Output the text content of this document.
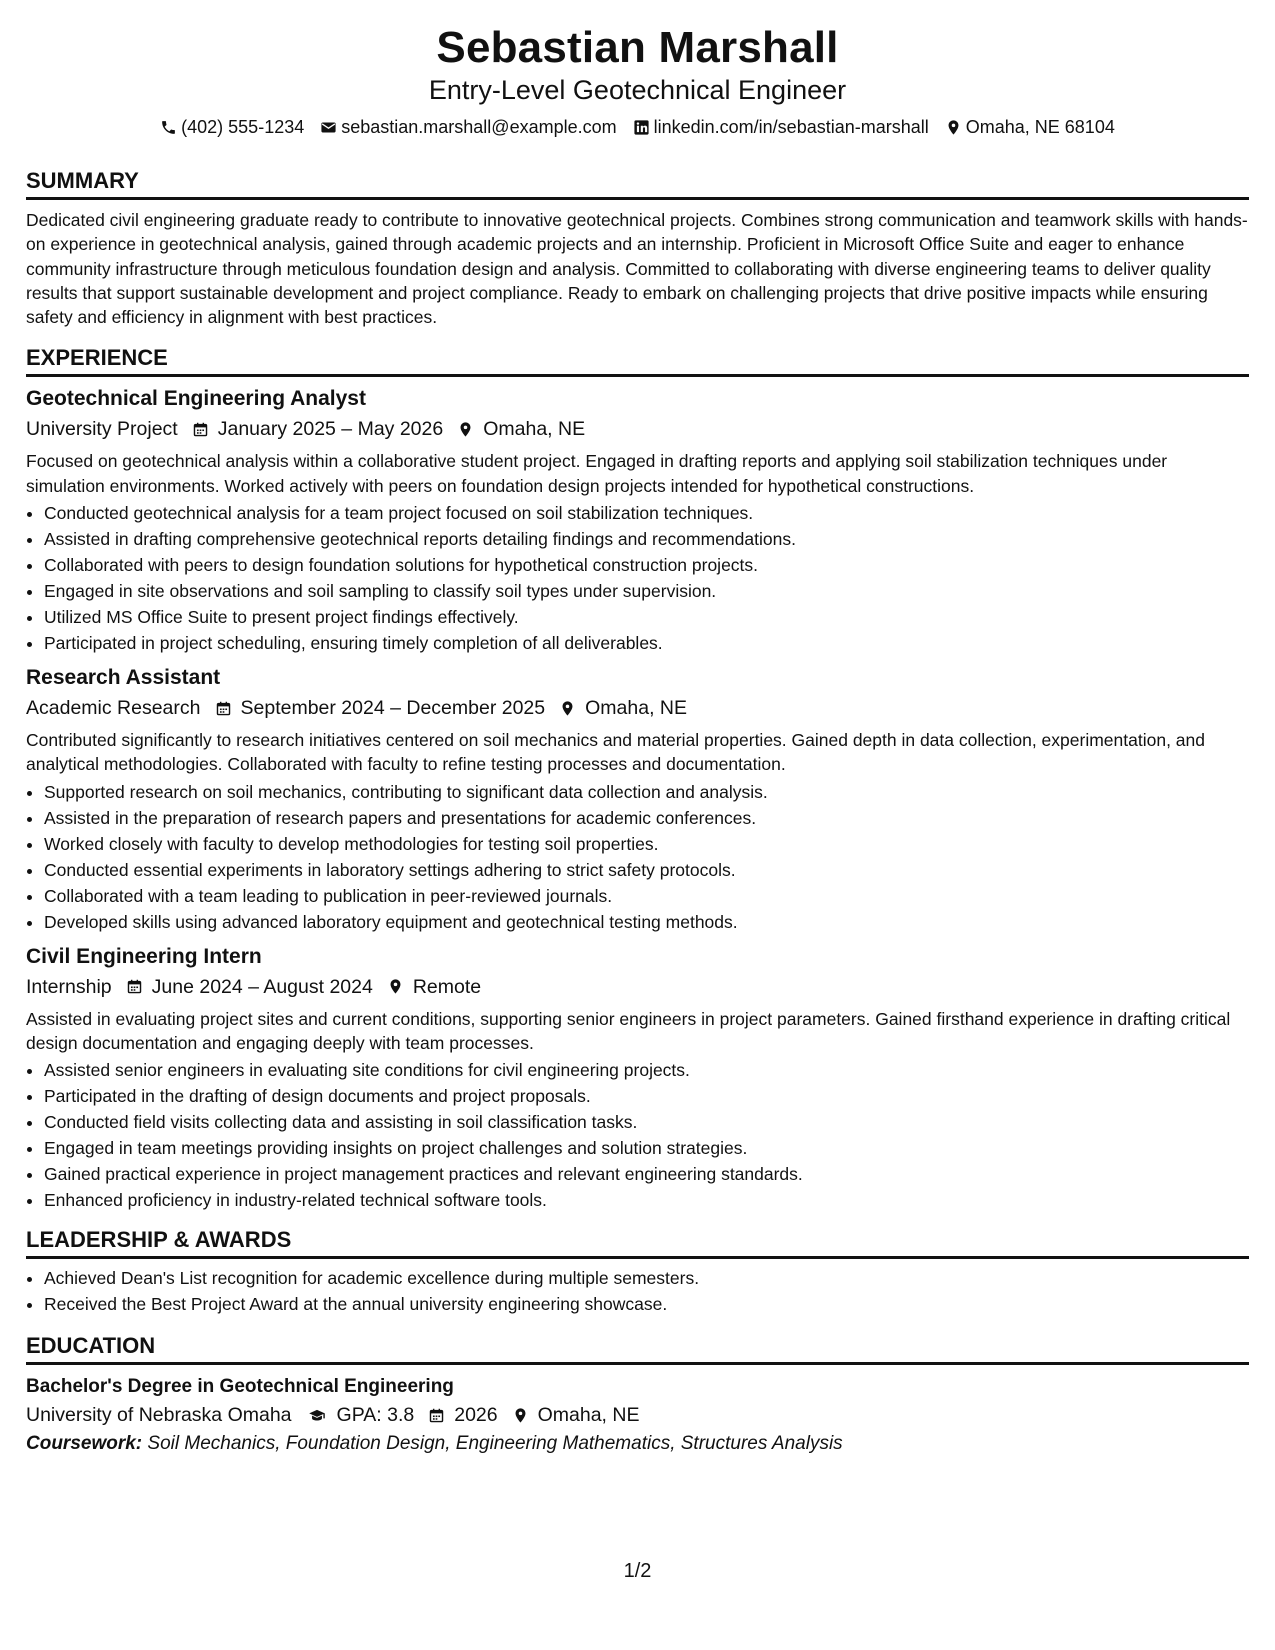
Sebastian Marshall
Entry-Level Geotechnical Engineer
(402) 555-1234 sebastian.marshall@example.com linkedin.com/in/sebastian-marshall Omaha, NE 68104
SUMMARY
Dedicated civil engineering graduate ready to contribute to innovative geotechnical projects. Combines strong communication and teamwork skills with hands-on experience in geotechnical analysis, gained through academic projects and an internship. Proficient in Microsoft Office Suite and eager to enhance community infrastructure through meticulous foundation design and analysis. Committed to collaborating with diverse engineering teams to deliver quality results that support sustainable development and project compliance. Ready to embark on challenging projects that drive positive impacts while ensuring safety and efficiency in alignment with best practices.
EXPERIENCE
Geotechnical Engineering Analyst
University Project January 2025 – May 2026 Omaha, NE
Focused on geotechnical analysis within a collaborative student project. Engaged in drafting reports and applying soil stabilization techniques under simulation environments. Worked actively with peers on foundation design projects intended for hypothetical constructions.
• Conducted geotechnical analysis for a team project focused on soil stabilization techniques.
• Assisted in drafting comprehensive geotechnical reports detailing findings and recommendations.
• Collaborated with peers to design foundation solutions for hypothetical construction projects.
• Engaged in site observations and soil sampling to classify soil types under supervision.
• Utilized MS Office Suite to present project findings effectively.
• Participated in project scheduling, ensuring timely completion of all deliverables.
Research Assistant
Academic Research September 2024 – December 2025 Omaha, NE
Contributed significantly to research initiatives centered on soil mechanics and material properties. Gained depth in data collection, experimentation, and analytical methodologies. Collaborated with faculty to refine testing processes and documentation.
• Supported research on soil mechanics, contributing to significant data collection and analysis.
• Assisted in the preparation of research papers and presentations for academic conferences.
• Worked closely with faculty to develop methodologies for testing soil properties.
• Conducted essential experiments in laboratory settings adhering to strict safety protocols.
• Collaborated with a team leading to publication in peer-reviewed journals.
• Developed skills using advanced laboratory equipment and geotechnical testing methods.
Civil Engineering Intern
Internship June 2024 – August 2024 Remote
Assisted in evaluating project sites and current conditions, supporting senior engineers in project parameters. Gained firsthand experience in drafting critical design documentation and engaging deeply with team processes.
• Assisted senior engineers in evaluating site conditions for civil engineering projects.
• Participated in the drafting of design documents and project proposals.
• Conducted field visits collecting data and assisting in soil classification tasks.
• Engaged in team meetings providing insights on project challenges and solution strategies.
• Gained practical experience in project management practices and relevant engineering standards.
• Enhanced proficiency in industry-related technical software tools.
LEADERSHIP & AWARDS
• Achieved Dean's List recognition for academic excellence during multiple semesters.
• Received the Best Project Award at the annual university engineering showcase.
EDUCATION
Bachelor's Degree in Geotechnical Engineering
University of Nebraska Omaha GPA: 3.8 2026 Omaha, NE
Coursework: Soil Mechanics, Foundation Design, Engineering Mathematics, Structures Analysis
1/2
